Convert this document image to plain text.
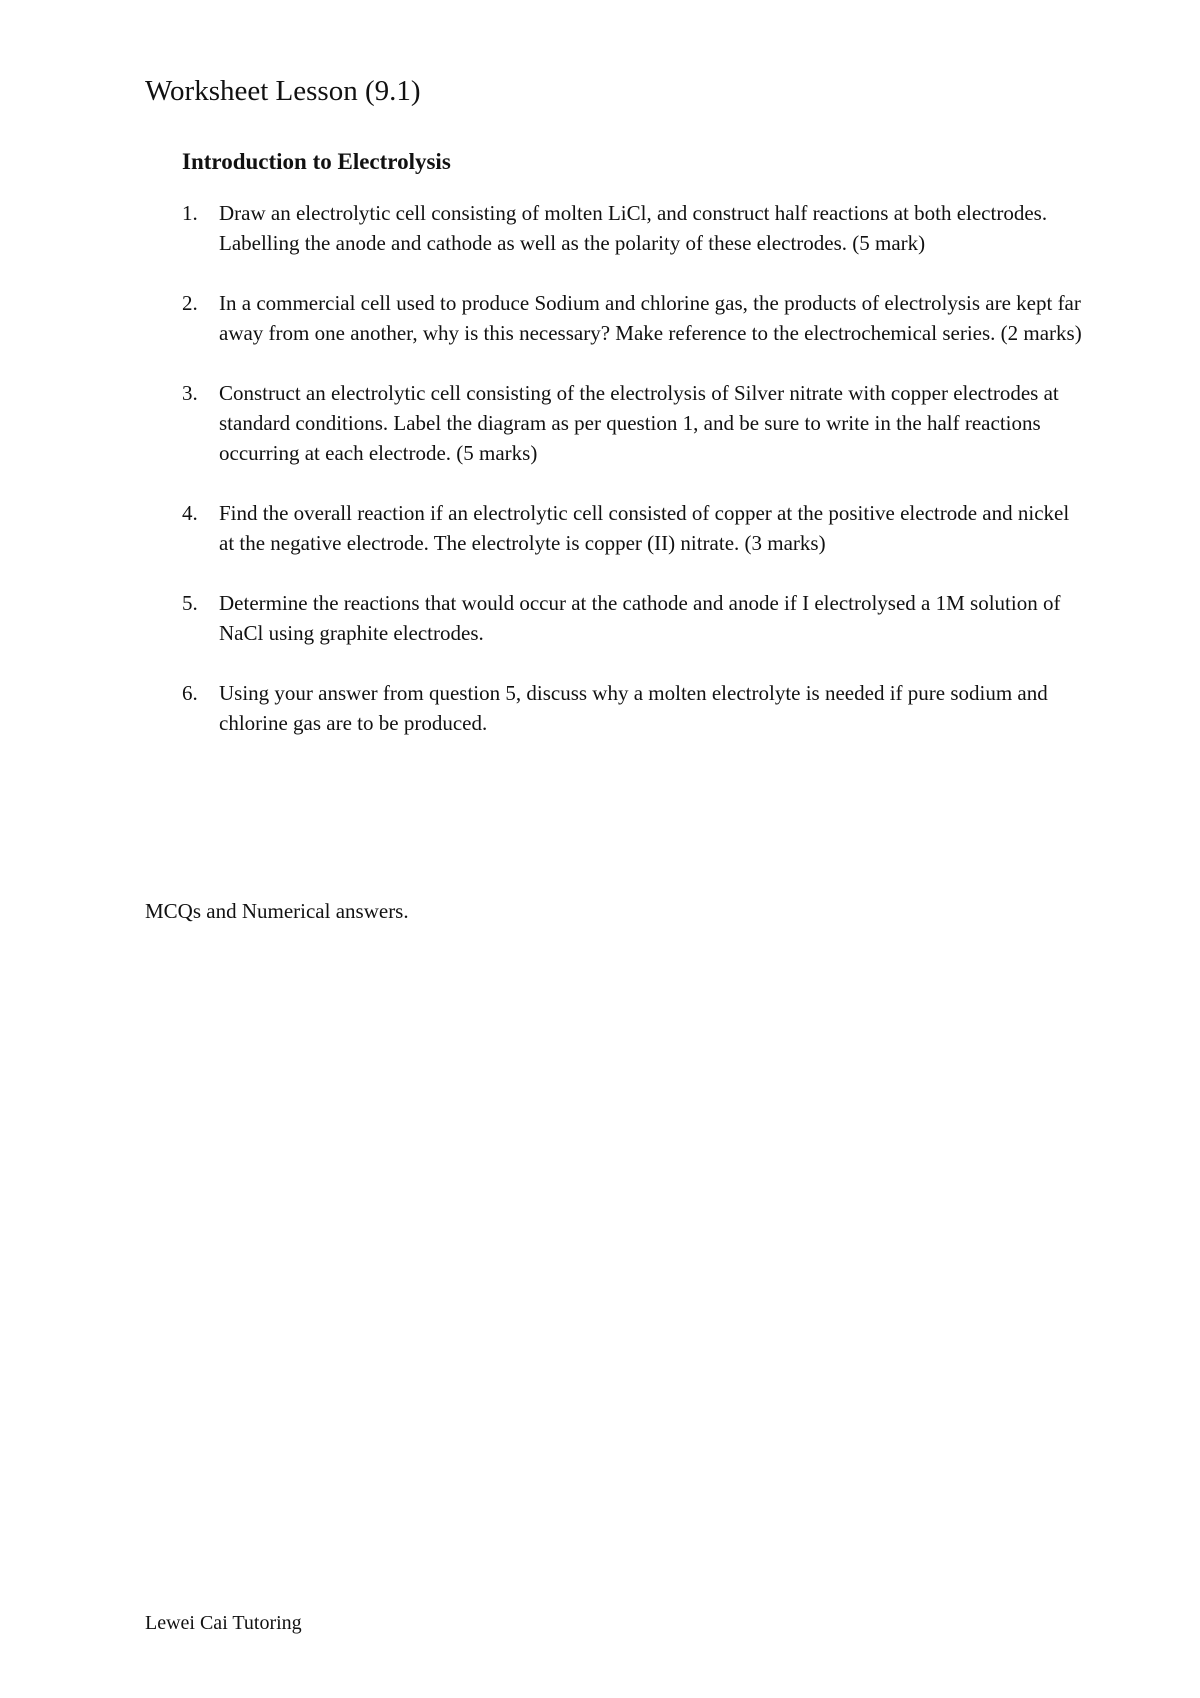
Worksheet Lesson (9.1)
Introduction to Electrolysis
1. Draw an electrolytic cell consisting of molten LiCl, and construct half reactions at both electrodes. Labelling the anode and cathode as well as the polarity of these electrodes. (5 mark)
2. In a commercial cell used to produce Sodium and chlorine gas, the products of electrolysis are kept far away from one another, why is this necessary? Make reference to the electrochemical series. (2 marks)
3. Construct an electrolytic cell consisting of the electrolysis of Silver nitrate with copper electrodes at standard conditions. Label the diagram as per question 1, and be sure to write in the half reactions occurring at each electrode. (5 marks)
4. Find the overall reaction if an electrolytic cell consisted of copper at the positive electrode and nickel at the negative electrode. The electrolyte is copper (II) nitrate. (3 marks)
5. Determine the reactions that would occur at the cathode and anode if I electrolysed a 1M solution of NaCl using graphite electrodes.
6. Using your answer from question 5, discuss why a molten electrolyte is needed if pure sodium and chlorine gas are to be produced.

MCQs and Numerical answers.

Lewei Cai Tutoring
